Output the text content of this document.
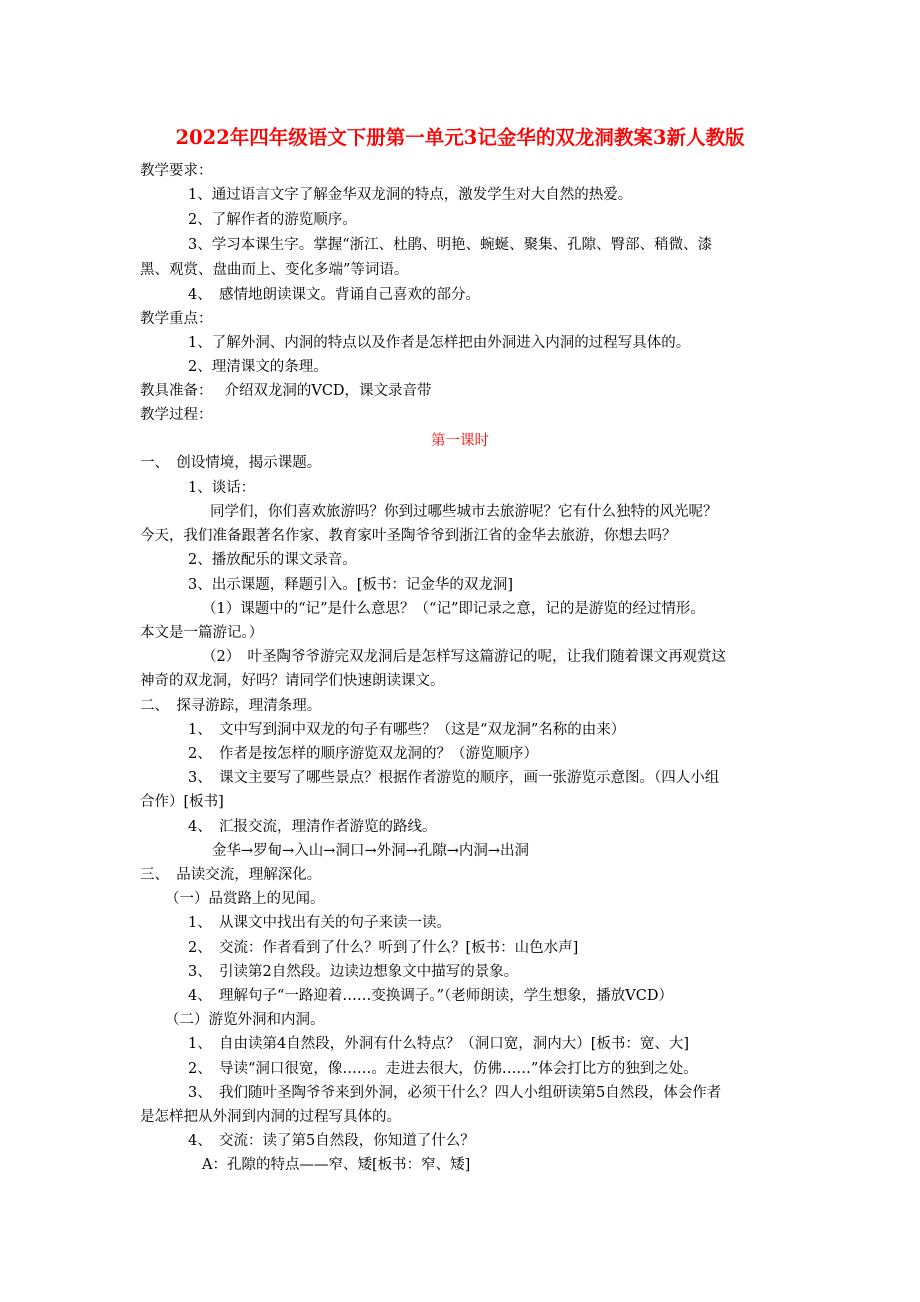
2022年四年级语文下册第一单元3记金华的双龙洞教案3新人教版
教学要求：
1、通过语言文字了解金华双龙洞的特点，激发学生对大自然的热爱。
2、了解作者的游览顺序。
3、学习本课生字。掌握“浙江、杜鹃、明艳、蜿蜒、聚集、孔隙、臀部、稍微、漆
黑、观赏、盘曲而上、变化多端”等词语。
4、　感情地朗读课文。背诵自己喜欢的部分。
教学重点：
1、了解外洞、内洞的特点以及作者是怎样把由外洞进入内洞的过程写具体的。
2、理清课文的条理。
教具准备：　 介绍双龙洞的VCD，课文录音带
教学过程：
第一课时
一、　创设情境，揭示课题。
1、谈话：
同学们，你们喜欢旅游吗？你到过哪些城市去旅游呢？它有什么独特的风光呢？
今天，我们准备跟著名作家、教育家叶圣陶爷爷到浙江省的金华去旅游，你想去吗？
2、播放配乐的课文录音。
3、出示课题，释题引入。[板书：记金华的双龙洞]
（1）课题中的“记”是什么意思？（“记”即记录之意，记的是游览的经过情形。
本文是一篇游记。）
（2）　叶圣陶爷爷游完双龙洞后是怎样写这篇游记的呢，让我们随着课文再观赏这
神奇的双龙洞，好吗？请同学们快速朗读课文。
二、　探寻游踪，理清条理。
1、　文中写到洞中双龙的句子有哪些？（这是“双龙洞”名称的由来）
2、　作者是按怎样的顺序游览双龙洞的？（游览顺序）
3、　课文主要写了哪些景点？根据作者游览的顺序，画一张游览示意图。（四人小组
合作）[板书]
4、　汇报交流，理清作者游览的路线。
金华→罗甸→入山→洞口→外洞→孔隙→内洞→出洞
三、　品读交流，理解深化。
（一）品赏路上的见闻。
1、　从课文中找出有关的句子来读一读。
2、　交流：作者看到了什么？听到了什么？[板书：山色水声]
3、　引读第2自然段。边读边想象文中描写的景象。
4、　理解句子“一路迎着……变换调子。”（老师朗读，学生想象，播放VCD）
（二）游览外洞和内洞。
1、　自由读第4自然段，外洞有什么特点？（洞口宽，洞内大）[板书：宽、大]
2、　导读“洞口很宽，像……。走进去很大，仿佛……”体会打比方的独到之处。
3、　我们随叶圣陶爷爷来到外洞，必须干什么？四人小组研读第5自然段，体会作者
是怎样把从外洞到内洞的过程写具体的。
4、　交流：读了第5自然段，你知道了什么？
A：孔隙的特点——窄、矮[板书：窄、矮]
